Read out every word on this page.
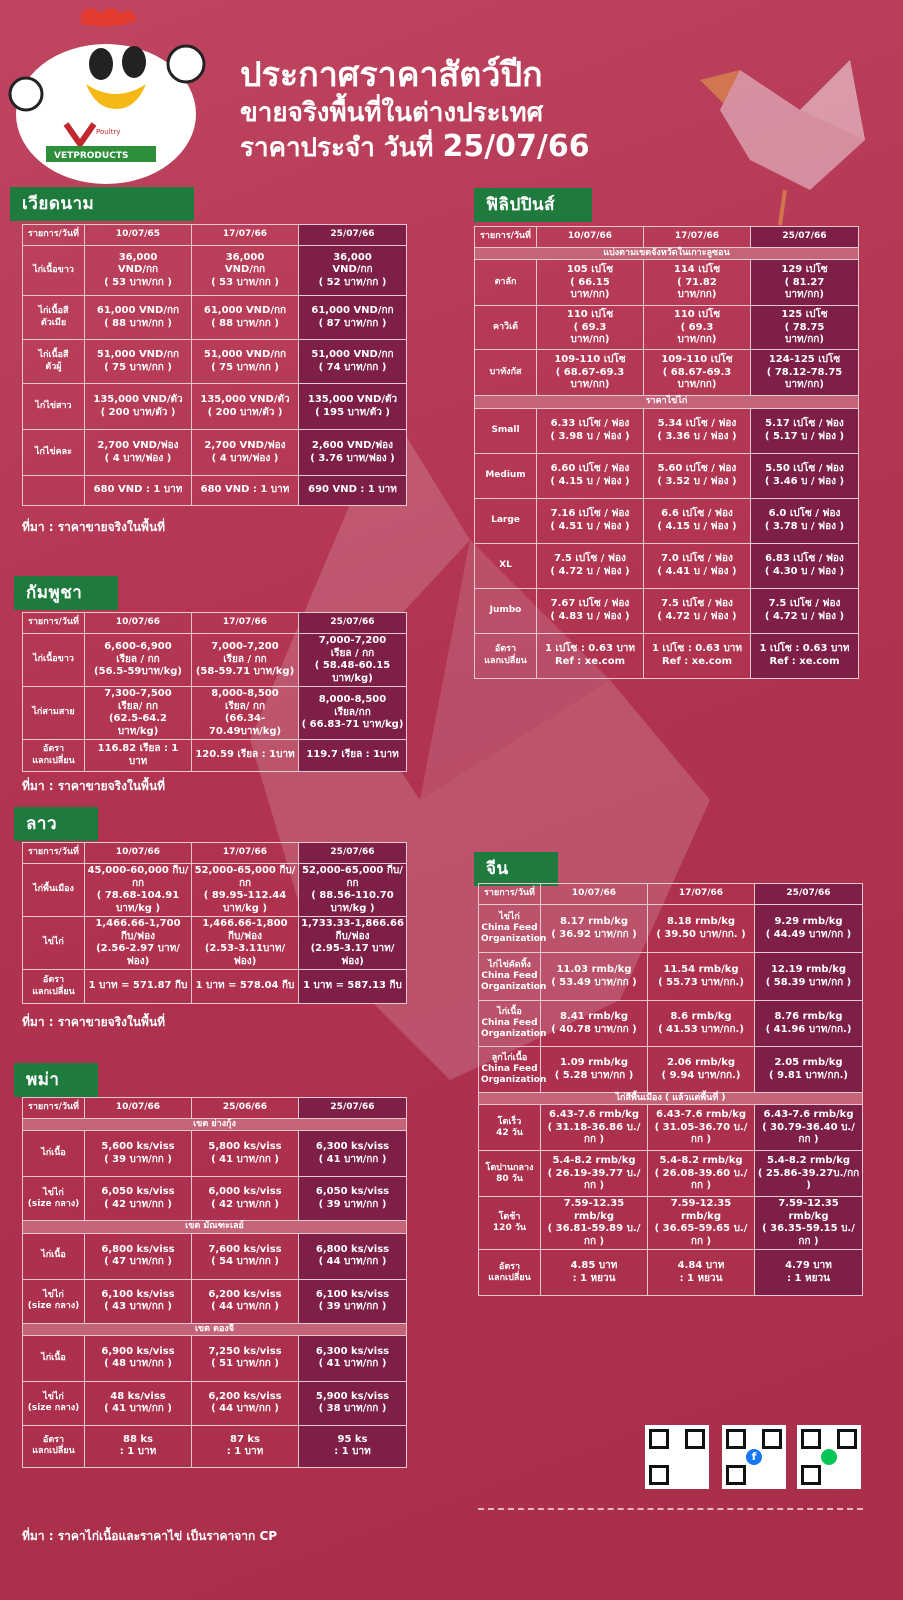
Poultry
VETPRODUCTS
ประกาศราคาสัตว์ปีก
ขายจริงพื้นที่ในต่างประเทศ
ราคาประจำ วันที่ 25/07/66
เวียดนาม
รายการ/วันที่	10/07/65	17/07/66	25/07/66
ไก่เนื้อขาว	36,000
VND/กก
( 53 บาท/กก )	36,000
VND/กก
( 53 บาท/กก )	36,000
VND/กก
( 52 บาท/กก )
ไก่เนื้อสี
ตัวเมีย	61,000 VND/กก
( 88 บาท/กก )	61,000 VND/กก
( 88 บาท/กก )	61,000 VND/กก
( 87 บาท/กก )
ไก่เนื้อสี
ตัวผู้	51,000 VND/กก
( 75 บาท/กก )	51,000 VND/กก
( 75 บาท/กก )	51,000 VND/กก
( 74 บาท/กก )
ไก่ไข่สาว	135,000 VND/ตัว
( 200 บาท/ตัว )	135,000 VND/ตัว
( 200 บาท/ตัว )	135,000 VND/ตัว
( 195 บาท/ตัว )
ไก่ไข่คละ	2,700 VND/ฟอง
( 4 บาท/ฟอง )	2,700 VND/ฟอง
( 4 บาท/ฟอง )	2,600 VND/ฟอง
( 3.76 บาท/ฟอง )
	680 VND : 1 บาท	680 VND : 1 บาท	690 VND : 1 บาท
ที่มา : ราคาขายจริงในพื้นที่
กัมพูชา
รายการ/วันที่	10/07/66	17/07/66	25/07/66
ไก่เนื้อขาว	6,600-6,900
เรียล / กก
(56.5-59บาท/kg)	7,000-7,200
เรียล / กก
(58-59.71 บาท/kg)	7,000-7,200
เรียล / กก
( 58.48-60.15 บาท/kg)
ไก่สามสาย	7,300-7,500
เรียล/ กก
(62.5-64.2 บาท/kg)	8,000-8,500
เรียล/ กก
(66.34-70.49บาท/kg)	8,000-8,500
เรียล/กก
( 66.83-71 บาท/kg)
อัตรา
แลกเปลี่ยน	116.82 เรียล : 1 บาท	120.59 เรียล : 1บาท	119.7 เรียล : 1บาท
ที่มา : ราคาขายจริงในพื้นที่
ลาว
รายการ/วันที่	10/07/66	17/07/66	25/07/66
ไก่พื้นเมือง	45,000-60,000 กีบ/กก
( 78.68-104.91
บาท/kg )	52,000-65,000 กีบ/กก
( 89.95-112.44
บาท/kg )	52,000-65,000 กีบ/กก
( 88.56-110.70
บาท/kg )
ไข่ไก่	1,466.66-1,700
กีบ/ฟอง
(2.56-2.97 บาท/ฟอง)	1,466.66-1,800
กีบ/ฟอง
(2.53-3.11บาท/ฟอง)	1,733.33-1,866.66
กีบ/ฟอง
(2.95-3.17 บาท/ฟอง)
อัตรา
แลกเปลี่ยน	1 บาท = 571.87 กีบ	1 บาท = 578.04 กีบ	1 บาท = 587.13 กีบ
ที่มา : ราคาขายจริงในพื้นที่
พม่า
รายการ/วันที่	10/07/66	25/06/66	25/07/66
เขต ย่างกุ้ง			
ไก่เนื้อ	5,600 ks/viss
( 39 บาท/กก )	5,800 ks/viss
( 41 บาท/กก )	6,300 ks/viss
( 41 บาท/กก )
ไข่ไก่
(size กลาง)	6,050 ks/viss
( 42 บาท/กก )	6,000 ks/viss
( 42 บาท/กก )	6,050 ks/viss
( 39 บาท/กก )
เขต มัณฑะเลย์			
ไก่เนื้อ	6,800 ks/viss
( 47 บาท/กก )	7,600 ks/viss
( 54 บาท/กก )	6,800 ks/viss
( 44 บาท/กก )
ไข่ไก่
(size กลาง)	6,100 ks/viss
( 43 บาท/กก )	6,200 ks/viss
( 44 บาท/กก )	6,100 ks/viss
( 39 บาท/กก )
เขต ตองจี			
ไก่เนื้อ	6,900 ks/viss
( 48 บาท/กก )	7,250 ks/viss
( 51 บาท/กก )	6,300 ks/viss
( 41 บาท/กก )
ไข่ไก่
(size กลาง)	48 ks/viss
( 41 บาท/กก )	6,200 ks/viss
( 44 บาท/กก )	5,900 ks/viss
( 38 บาท/กก )
อัตรา
แลกเปลี่ยน	88 ks
: 1 บาท	87 ks
: 1 บาท	95 ks
: 1 บาท
ที่มา : ราคาไก่เนื้อและราคาไข่ เป็นราคาจาก CP
ฟิลิปปินส์
รายการ/วันที่	10/07/66	17/07/66	25/07/66
แบ่งตามเขตจังหวัดในเกาะลูซอน			
ตาลัก	105 เปโซ
( 66.15
บาท/กก)	114 เปโซ
( 71.82
บาท/กก)	129 เปโซ
( 81.27
บาท/กก)
คาวิเต้	110 เปโซ
( 69.3
บาท/กก)	110 เปโซ
( 69.3
บาท/กก)	125 เปโซ
( 78.75
บาท/กก)
บาทังกัส	109-110 เปโซ
( 68.67-69.3
บาท/กก)	109-110 เปโซ
( 68.67-69.3
บาท/กก)	124-125 เปโซ
( 78.12-78.75
บาท/กก)
ราคาไข่ไก่			
Small	6.33 เปโซ / ฟอง
( 3.98 บ / ฟอง )	5.34 เปโซ / ฟอง
( 3.36 บ / ฟอง )	5.17 เปโซ / ฟอง
( 5.17 บ / ฟอง )
Medium	6.60 เปโซ / ฟอง
( 4.15 บ / ฟอง )	5.60 เปโซ / ฟอง
( 3.52 บ / ฟอง )	5.50 เปโซ / ฟอง
( 3.46 บ / ฟอง )
Large	7.16 เปโซ / ฟอง
( 4.51 บ / ฟอง )	6.6 เปโซ / ฟอง
( 4.15 บ / ฟอง )	6.0 เปโซ / ฟอง
( 3.78 บ / ฟอง )
XL	7.5 เปโซ / ฟอง
( 4.72 บ / ฟอง )	7.0 เปโซ / ฟอง
( 4.41 บ / ฟอง )	6.83 เปโซ / ฟอง
( 4.30 บ / ฟอง )
Jumbo	7.67 เปโซ / ฟอง
( 4.83 บ / ฟอง )	7.5 เปโซ / ฟอง
( 4.72 บ / ฟอง )	7.5 เปโซ / ฟอง
( 4.72 บ / ฟอง )
อัตรา
แลกเปลี่ยน	1 เปโซ : 0.63 บาท
Ref : xe.com	1 เปโซ : 0.63 บาท
Ref : xe.com	1 เปโซ : 0.63 บาท
Ref : xe.com
จีน
รายการ/วันที่	10/07/66	17/07/66	25/07/66
ไข่ไก่
China Feed
Organization	8.17 rmb/kg
( 36.92 บาท/กก )	8.18 rmb/kg
( 39.50 บาท/กก. )	9.29 rmb/kg
( 44.49 บาท/กก )
ไก่ไข่คัดทิ้ง
China Feed
Organization	11.03 rmb/kg
( 53.49 บาท/กก )	11.54 rmb/kg
( 55.73 บาท/กก.)	12.19 rmb/kg
( 58.39 บาท/กก )
ไก่เนื้อ
China Feed
Organization	8.41 rmb/kg
( 40.78 บาท/กก )	8.6 rmb/kg
( 41.53 บาท/กก.)	8.76 rmb/kg
( 41.96 บาท/กก.)
ลูกไก่เนื้อ
China Feed
Organization	1.09 rmb/kg
( 5.28 บาท/กก )	2.06 rmb/kg
( 9.94 บาท/กก.)	2.05 rmb/kg
( 9.81 บาท/กก.)
ไก่สีพื้นเมือง ( แล้วแต่พื้นที่ )			
โตเร็ว
42 วัน	6.43-7.6 rmb/kg
( 31.18-36.86 บ./กก )	6.43-7.6 rmb/kg
( 31.05-36.70 บ./กก )	6.43-7.6 rmb/kg
( 30.79-36.40 บ./กก )
โตปานกลาง
80 วัน	5.4-8.2 rmb/kg
( 26.19-39.77 บ./กก )	5.4-8.2 rmb/kg
( 26.08-39.60 บ./กก )	5.4-8.2 rmb/kg
( 25.86-39.27บ./กก )
โตช้า
120 วัน	7.59-12.35 rmb/kg
( 36.81-59.89 บ./กก )	7.59-12.35 rmb/kg
( 36.65-59.65 บ./กก )	7.59-12.35 rmb/kg
( 36.35-59.15 บ./กก )
อัตรา
แลกเปลี่ยน	4.85 บาท
: 1 หยวน	4.84 บาท
: 1 หยวน	4.79 บาท
: 1 หยวน
f
